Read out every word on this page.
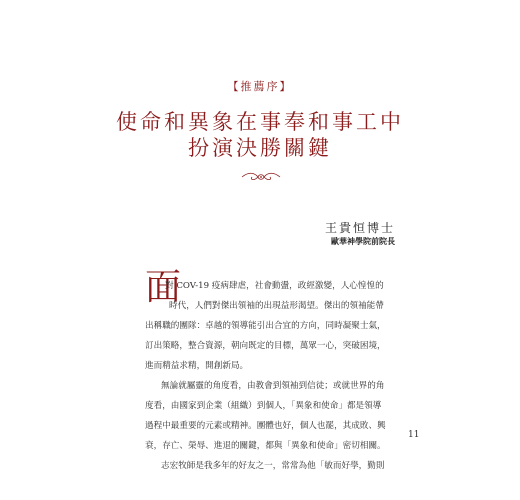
【推薦序】
使命和異象在事奉和事工中
扮演決勝關鍵
王貴恒博士
歐華神學院前院長
面
對 COV-19 疫病肆虐，社會動盪，政經激變，人心惶惶的
時代，人們對傑出領袖的出現益形渴望。傑出的領袖能帶
出稱職的團隊：卓越的領導能引出合宜的方向，同時凝聚士氣，
訂出策略，整合資源，朝向既定的目標，萬眾一心，突破困境，
進而精益求精，開創新局。
無論就屬靈的角度看，由教會到領袖到信徒；或就世界的角
度看，由國家到企業（組織）到個人，「異象和使命」都是領導
過程中最重要的元素或精神。團體也好，個人也罷，其成敗、興
衰，存亡、榮辱、進退的關鍵，都與「異象和使命」密切相關。
志宏牧師是我多年的好友之一，常常為他「敏而好學，勤則
11
